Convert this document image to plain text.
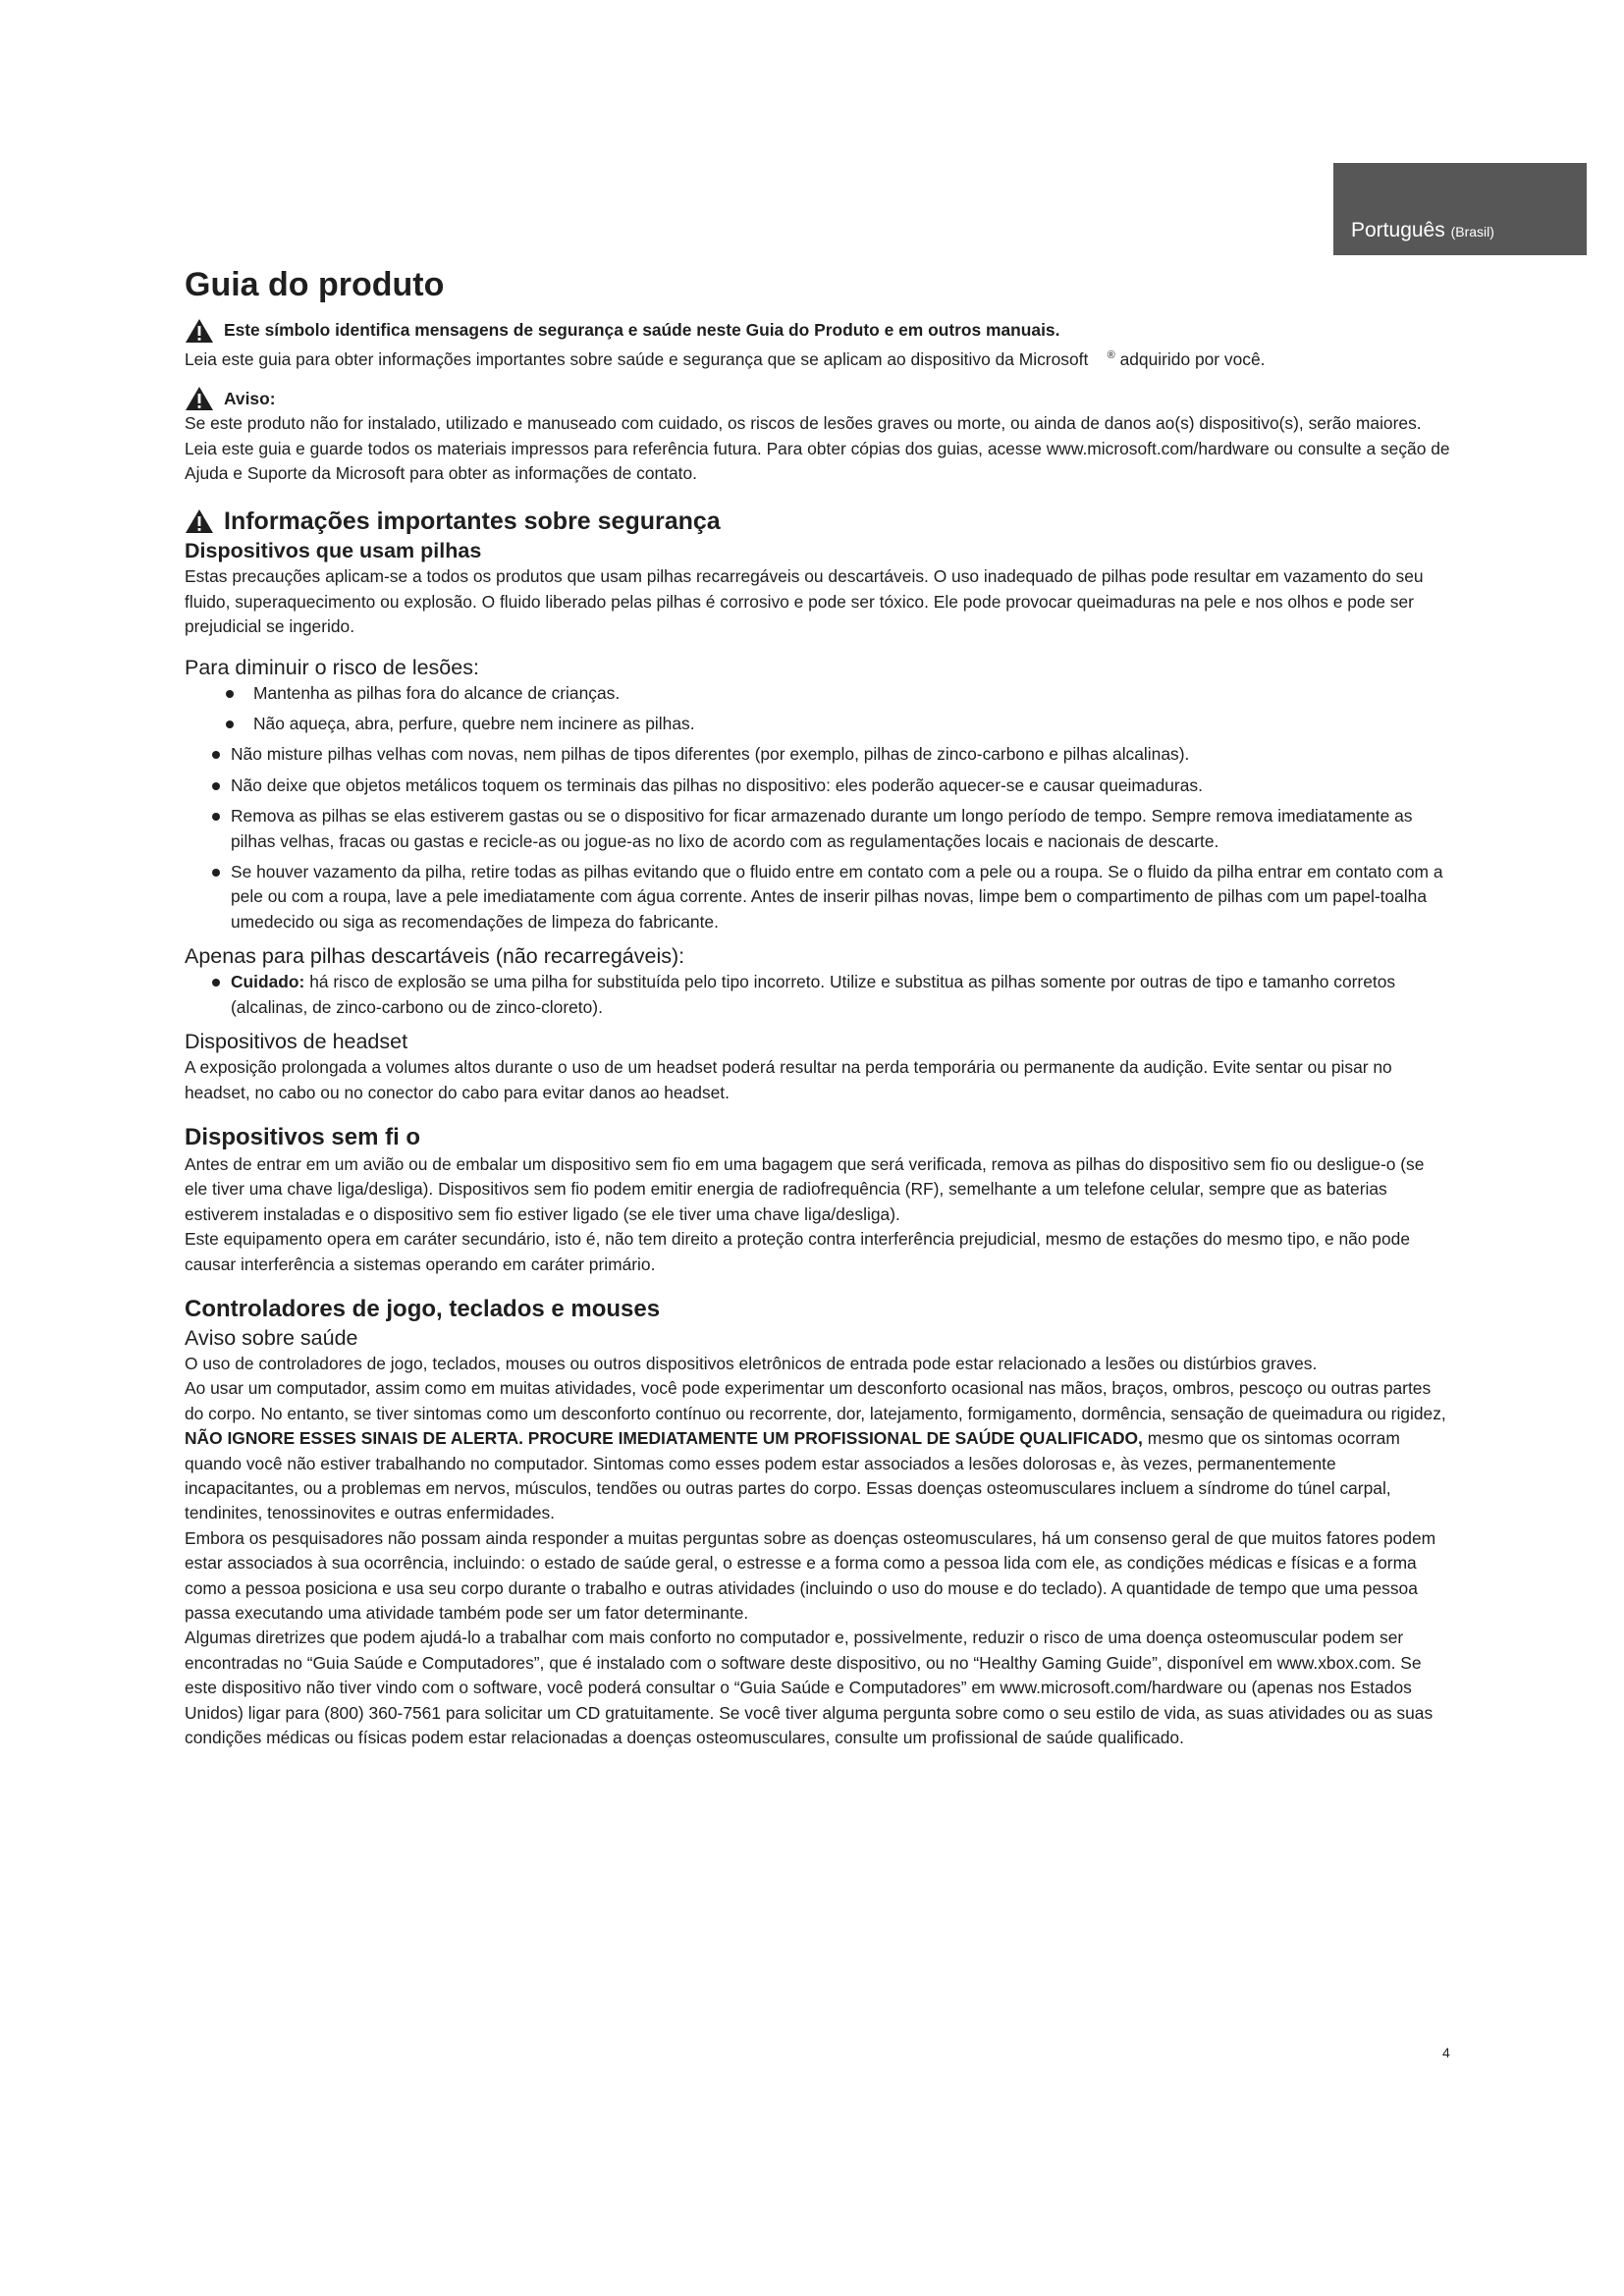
Português (Brasil)
Guia do produto
Este símbolo identifica mensagens de segurança e saúde neste Guia do Produto e em outros manuais.

Leia este guia para obter informações importantes sobre saúde e segurança que se aplicam ao dispositivo da Microsoft ® adquirido por você.

Aviso:

Se este produto não for instalado, utilizado e manuseado com cuidado, os riscos de lesões graves ou morte, ou ainda de danos ao(s) dispositivo(s), serão maiores. Leia este guia e guarde todos os materiais impressos para referência futura. Para obter cópias dos guias, acesse www.microsoft.com/hardware ou consulte a seção de Ajuda e Suporte da Microsoft para obter as informações de contato.

Informações importantes sobre segurança
Dispositivos que usam pilhas

Estas precauções aplicam-se a todos os produtos que usam pilhas recarregáveis ou descartáveis. O uso inadequado de pilhas pode resultar em vazamento do seu fluido, superaquecimento ou explosão. O fluido liberado pelas pilhas é corrosivo e pode ser tóxico. Ele pode provocar queimaduras na pele e nos olhos e pode ser prejudicial se ingerido.

Para diminuir o risco de lesões:
Mantenha as pilhas fora do alcance de crianças.
Não aqueça, abra, perfure, quebre nem incinere as pilhas.
Não misture pilhas velhas com novas, nem pilhas de tipos diferentes (por exemplo, pilhas de zinco-carbono e pilhas alcalinas).
Não deixe que objetos metálicos toquem os terminais das pilhas no dispositivo: eles poderão aquecer-se e causar queimaduras.
Remova as pilhas se elas estiverem gastas ou se o dispositivo for ficar armazenado durante um longo período de tempo. Sempre remova imediatamente as pilhas velhas, fracas ou gastas e recicle-as ou jogue-as no lixo de acordo com as regulamentações locais e nacionais de descarte.
Se houver vazamento da pilha, retire todas as pilhas evitando que o fluido entre em contato com a pele ou a roupa. Se o fluido da pilha entrar em contato com a pele ou com a roupa, lave a pele imediatamente com água corrente. Antes de inserir pilhas novas, limpe bem o compartimento de pilhas com um papel-toalha umedecido ou siga as recomendações de limpeza do fabricante.
Apenas para pilhas descartáveis (não recarregáveis):
Cuidado: há risco de explosão se uma pilha for substituída pelo tipo incorreto. Utilize e substitua as pilhas somente por outras de tipo e tamanho corretos (alcalinas, de zinco-carbono ou de zinco-cloreto).
Dispositivos de headset

A exposição prolongada a volumes altos durante o uso de um headset poderá resultar na perda temporária ou permanente da audição. Evite sentar ou pisar no headset, no cabo ou no conector do cabo para evitar danos ao headset.

Dispositivos sem fi o

Antes de entrar em um avião ou de embalar um dispositivo sem fio em uma bagagem que será verificada, remova as pilhas do dispositivo sem fio ou desligue-o (se ele tiver uma chave liga/desliga). Dispositivos sem fio podem emitir energia de radiofrequência (RF), semelhante a um telefone celular, sempre que as baterias estiverem instaladas e o dispositivo sem fio estiver ligado (se ele tiver uma chave liga/desliga).

Este equipamento opera em caráter secundário, isto é, não tem direito a proteção contra interferência prejudicial, mesmo de estações do mesmo tipo, e não pode causar interferência a sistemas operando em caráter primário.

Controladores de jogo, teclados e mouses
Aviso sobre saúde

O uso de controladores de jogo, teclados, mouses ou outros dispositivos eletrônicos de entrada pode estar relacionado a lesões ou distúrbios graves.

Ao usar um computador, assim como em muitas atividades, você pode experimentar um desconforto ocasional nas mãos, braços, ombros, pescoço ou outras partes do corpo. No entanto, se tiver sintomas como um desconforto contínuo ou recorrente, dor, latejamento, formigamento, dormência, sensação de queimadura ou rigidez, NÃO IGNORE ESSES SINAIS DE ALERTA. PROCURE IMEDIATAMENTE UM PROFISSIONAL DE SAÚDE QUALIFICADO, mesmo que os sintomas ocorram quando você não estiver trabalhando no computador. Sintomas como esses podem estar associados a lesões dolorosas e, às vezes, permanentemente incapacitantes, ou a problemas em nervos, músculos, tendões ou outras partes do corpo. Essas doenças osteomusculares incluem a síndrome do túnel carpal, tendinites, tenossinovites e outras enfermidades.

Embora os pesquisadores não possam ainda responder a muitas perguntas sobre as doenças osteomusculares, há um consenso geral de que muitos fatores podem estar associados à sua ocorrência, incluindo: o estado de saúde geral, o estresse e a forma como a pessoa lida com ele, as condições médicas e físicas e a forma como a pessoa posiciona e usa seu corpo durante o trabalho e outras atividades (incluindo o uso do mouse e do teclado). A quantidade de tempo que uma pessoa passa executando uma atividade também pode ser um fator determinante.

Algumas diretrizes que podem ajudá-lo a trabalhar com mais conforto no computador e, possivelmente, reduzir o risco de uma doença osteomuscular podem ser encontradas no “Guia Saúde e Computadores”, que é instalado com o software deste dispositivo, ou no “Healthy Gaming Guide”, disponível em www.xbox.com. Se este dispositivo não tiver vindo com o software, você poderá consultar o “Guia Saúde e Computadores” em www.microsoft.com/hardware ou (apenas nos Estados Unidos) ligar para (800) 360-7561 para solicitar um CD gratuitamente. Se você tiver alguma pergunta sobre como o seu estilo de vida, as suas atividades ou as suas condições médicas ou físicas podem estar relacionadas a doenças osteomusculares, consulte um profissional de saúde qualificado.

4
